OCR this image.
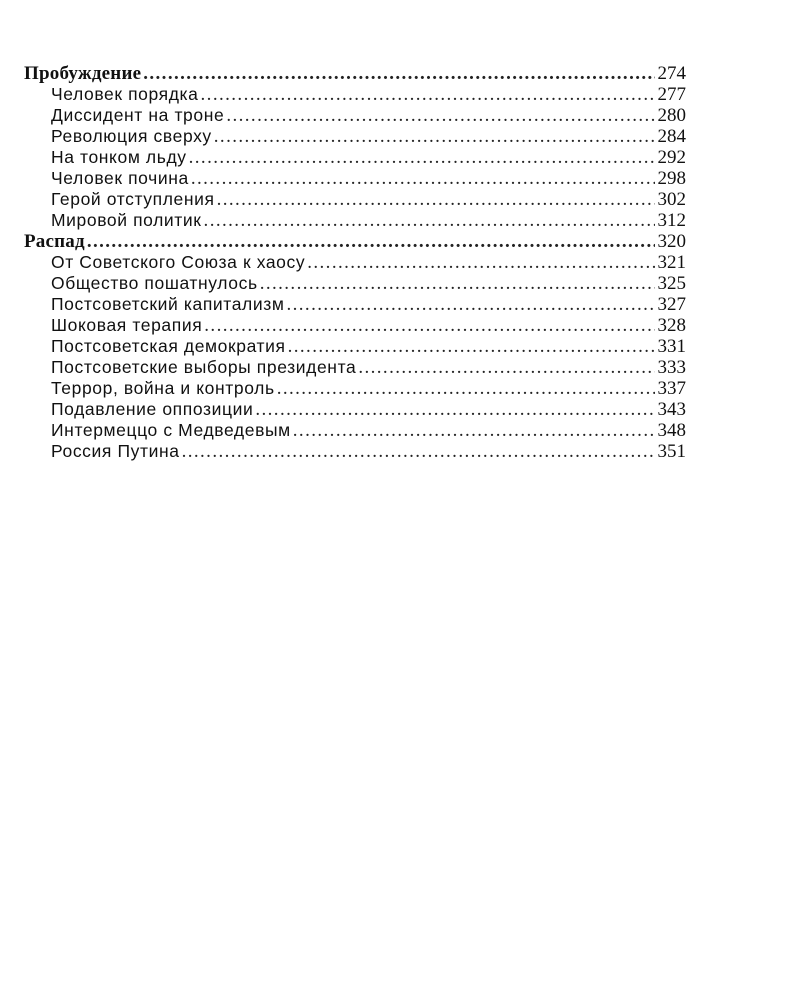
Пробуждение .....	274
Человек порядка .....	277
Диссидент на троне .....	280
Революция сверху .....	284
На тонком льду .....	292
Человек почина .....	298
Герой отступления .....	302
Мировой политик .....	312
Распад .....	320
От Советского Союза к хаосу .....	321
Общество пошатнулось .....	325
Постсоветский капитализм .....	327
Шоковая терапия .....	328
Постсоветская демократия .....	331
Постсоветские выборы президента .....	333
Террор, война и контроль .....	337
Подавление оппозиции .....	343
Интермеццо с Медведевым .....	348
Россия Путина .....	351
